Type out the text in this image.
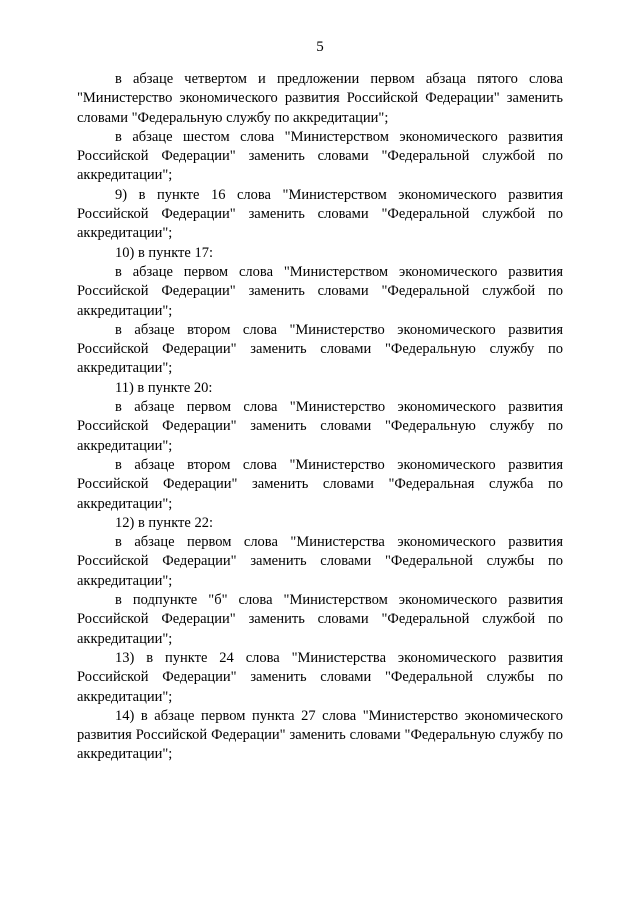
5

в абзаце четвертом и предложении первом абзаца пятого слова "Министерство экономического развития Российской Федерации" заменить словами "Федеральную службу по аккредитации";

в абзаце шестом слова "Министерством экономического развития Российской Федерации" заменить словами "Федеральной службой по аккредитации";

9) в пункте 16 слова "Министерством экономического развития Российской Федерации" заменить словами "Федеральной службой по аккредитации";

10) в пункте 17:

в абзаце первом слова "Министерством экономического развития Российской Федерации" заменить словами "Федеральной службой по аккредитации";

в абзаце втором слова "Министерство экономического развития Российской Федерации" заменить словами "Федеральную службу по аккредитации";

11) в пункте 20:

в абзаце первом слова "Министерство экономического развития Российской Федерации" заменить словами "Федеральную службу по аккредитации";

в абзаце втором слова "Министерство экономического развития Российской Федерации" заменить словами "Федеральная служба по аккредитации";

12) в пункте 22:

в абзаце первом слова "Министерства экономического развития Российской Федерации" заменить словами "Федеральной службы по аккредитации";

в подпункте "б" слова "Министерством экономического развития Российской Федерации" заменить словами "Федеральной службой по аккредитации";

13) в пункте 24 слова "Министерства экономического развития Российской Федерации" заменить словами "Федеральной службы по аккредитации";

14) в абзаце первом пункта 27 слова "Министерство экономического развития Российской Федерации" заменить словами "Федеральную службу по аккредитации";
